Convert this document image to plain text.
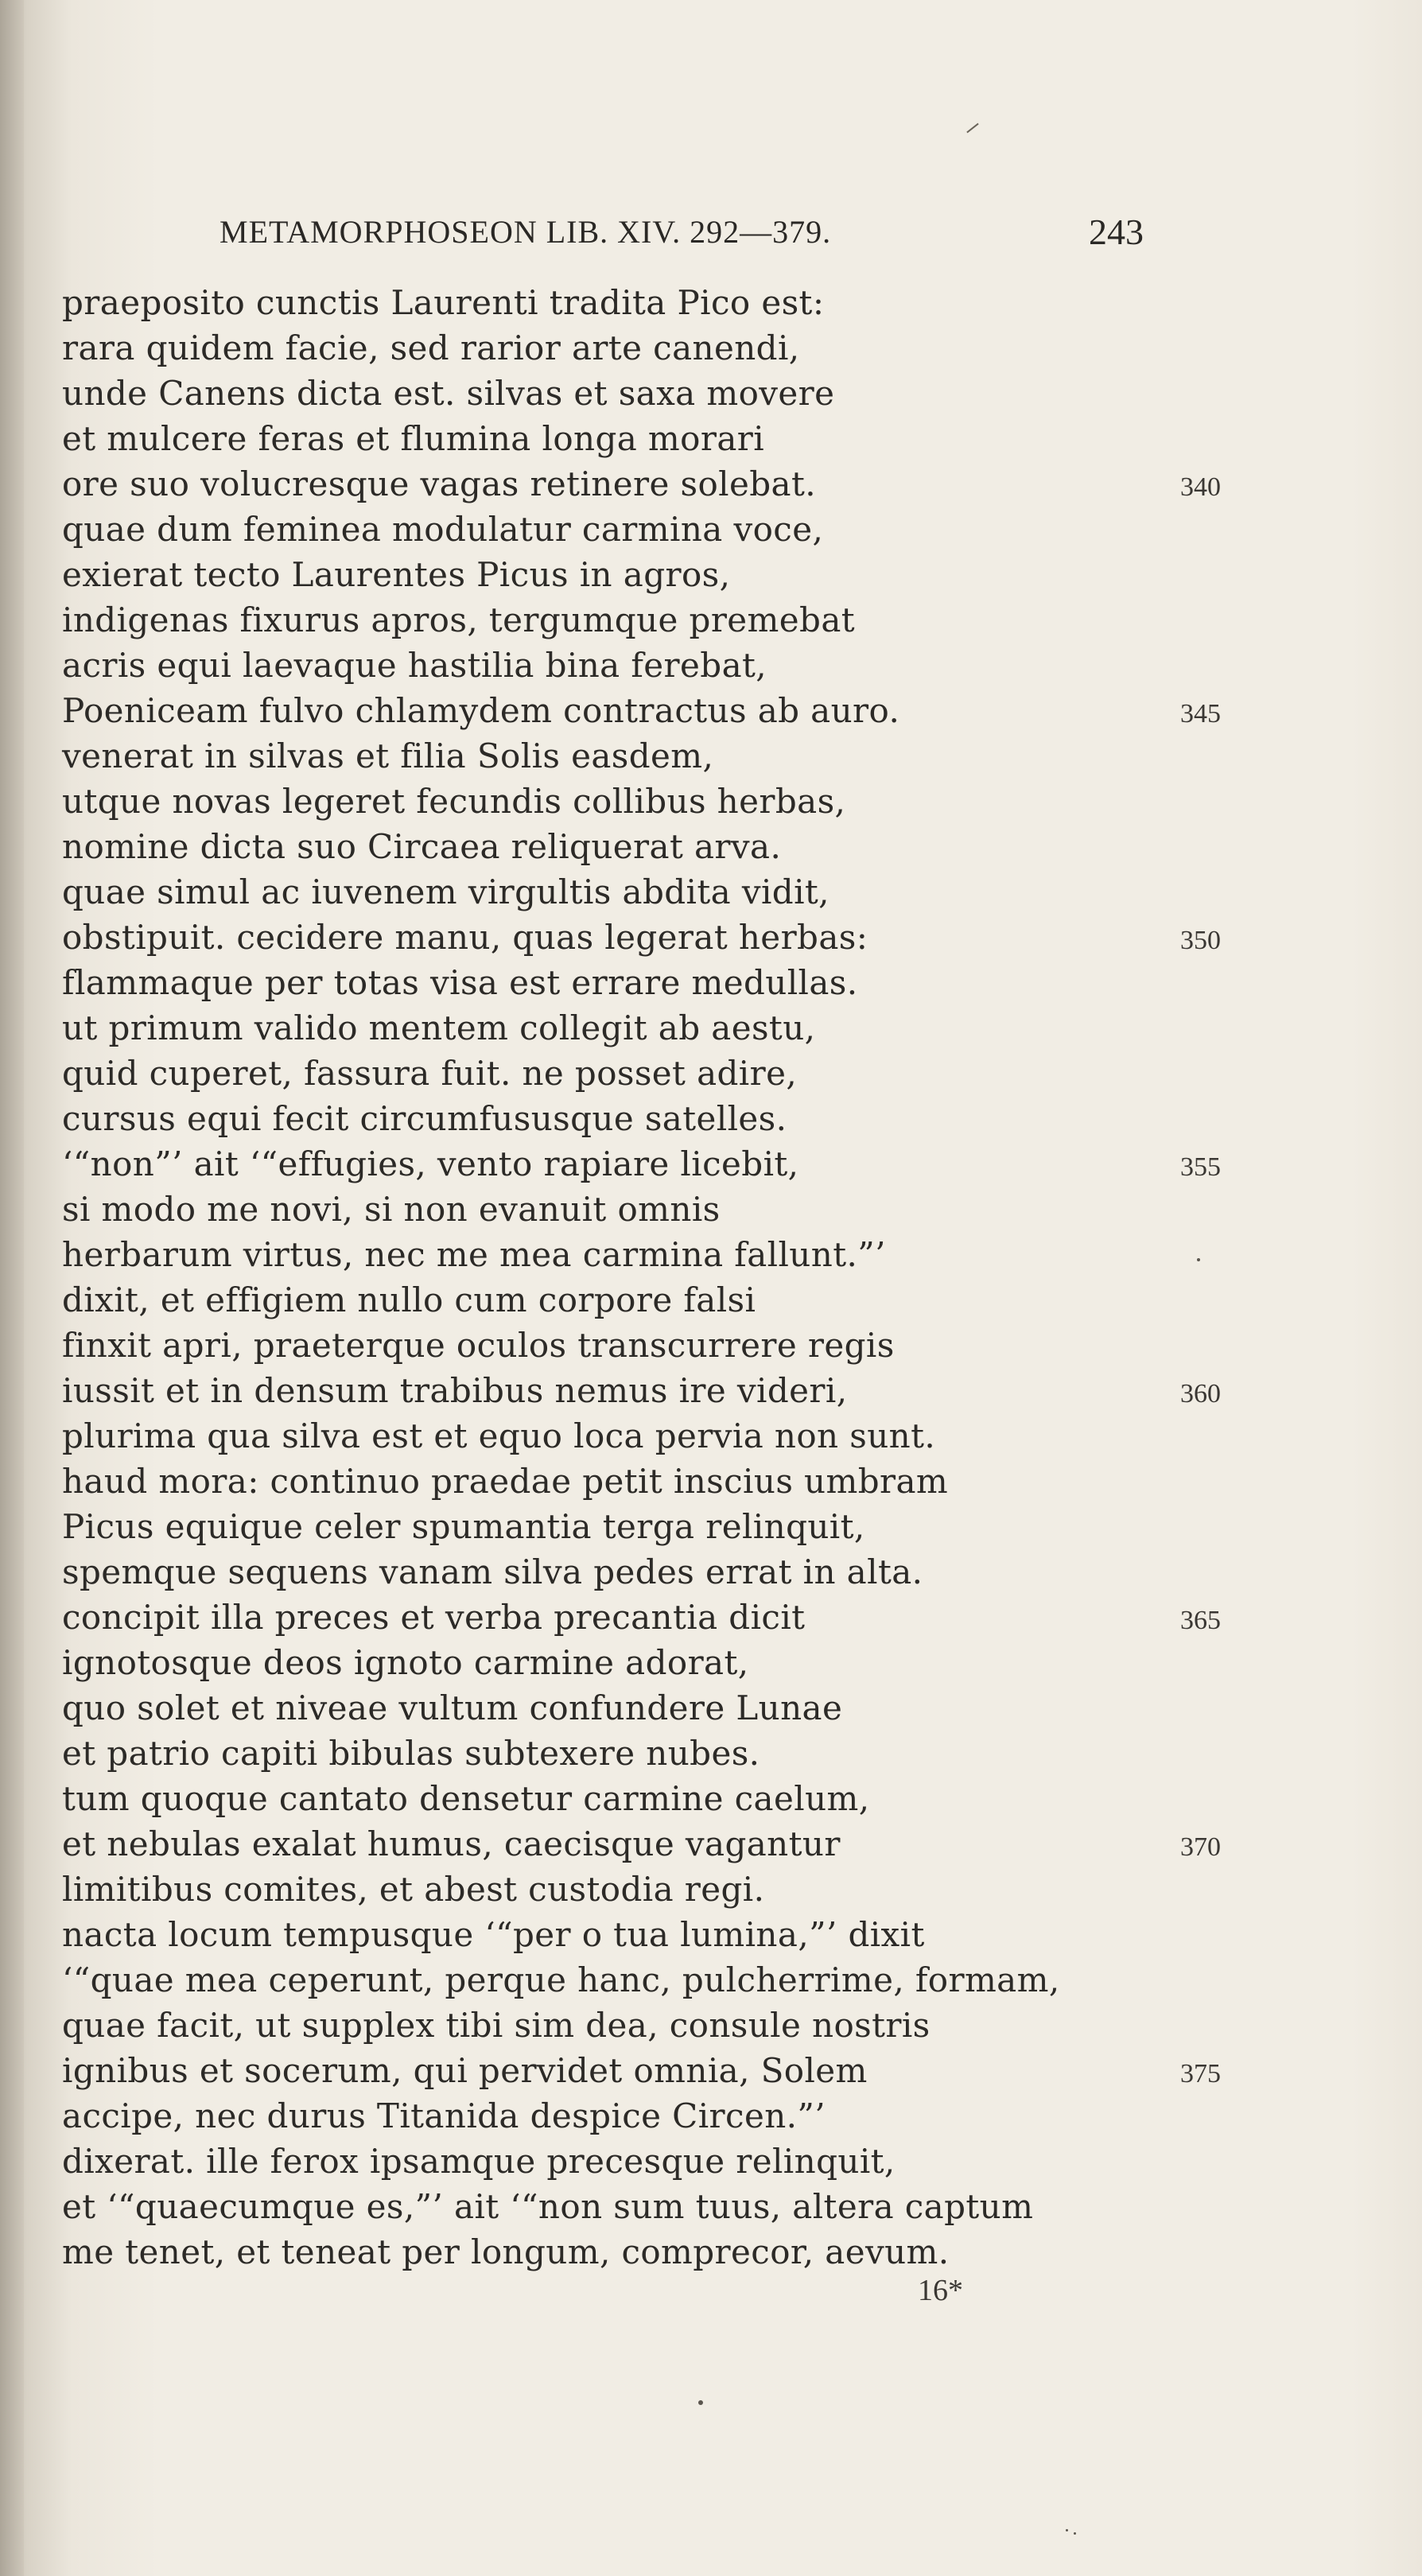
METAMORPHOSEON LIB. XIV. 292—379.	243
praeposito cunctis Laurenti tradita Pico est:
rara quidem facie, sed rarior arte canendi,
unde Canens dicta est. silvas et saxa movere
et mulcere feras et flumina longa morari
ore suo volucresque vagas retinere solebat.	340
quae dum feminea modulatur carmina voce,
exierat tecto Laurentes Picus in agros,
indigenas fixurus apros, tergumque premebat
acris equi laevaque hastilia bina ferebat,
Poeniceam fulvo chlamydem contractus ab auro.	345
venerat in silvas et filia Solis easdem,
utque novas legeret fecundis collibus herbas,
nomine dicta suo Circaea reliquerat arva.
quae simul ac iuvenem virgultis abdita vidit,
obstipuit. cecidere manu, quas legerat herbas:	350
flammaque per totas visa est errare medullas.
ut primum valido mentem collegit ab aestu,
quid cuperet, fassura fuit. ne posset adire,
cursus equi fecit circumfususque satelles.
‘“non”’ ait ‘“effugies, vento rapiare licebit,	355
si modo me novi, si non evanuit omnis
herbarum virtus, nec me mea carmina fallunt.”’
dixit, et effigiem nullo cum corpore falsi
finxit apri, praeterque oculos transcurrere regis
iussit et in densum trabibus nemus ire videri,	360
plurima qua silva est et equo loca pervia non sunt.
haud mora: continuo praedae petit inscius umbram
Picus equique celer spumantia terga relinquit,
spemque sequens vanam silva pedes errat in alta.
concipit illa preces et verba precantia dicit	365
ignotosque deos ignoto carmine adorat,
quo solet et niveae vultum confundere Lunae
et patrio capiti bibulas subtexere nubes.
tum quoque cantato densetur carmine caelum,
et nebulas exalat humus, caecisque vagantur	370
limitibus comites, et abest custodia regi.
nacta locum tempusque ‘“per o tua lumina,”’ dixit
‘“quae mea ceperunt, perque hanc, pulcherrime, formam,
quae facit, ut supplex tibi sim dea, consule nostris
ignibus et socerum, qui pervidet omnia, Solem	375
accipe, nec durus Titanida despice Circen.”’
dixerat. ille ferox ipsamque precesque relinquit,
et ‘“quaecumque es,”’ ait ‘“non sum tuus, altera captum
me tenet, et teneat per longum, comprecor, aevum.
16*
